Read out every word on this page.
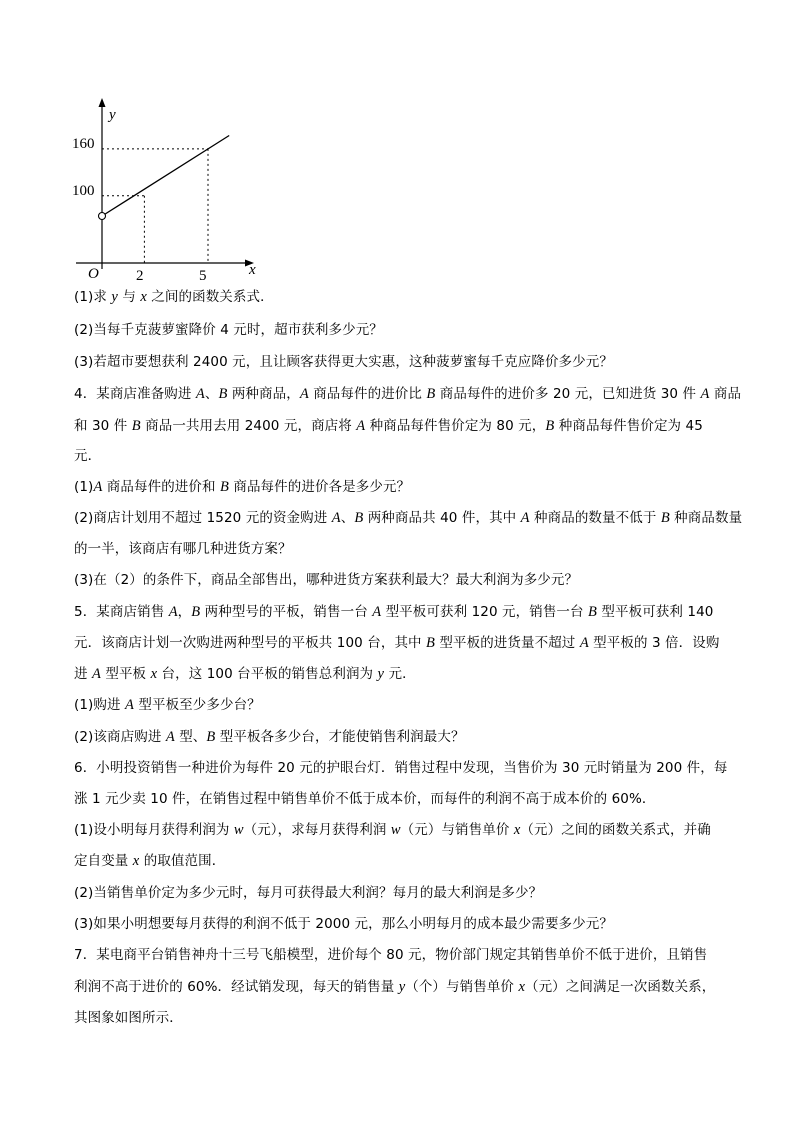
y
x
O
160
100
2	5
(1)求 y 与 x 之间的函数关系式．
(2)当每千克菠萝蜜降价 4 元时，超市获利多少元？
(3)若超市要想获利 2400 元，且让顾客获得更大实惠，这种菠萝蜜每千克应降价多少元？
4．某商店准备购进 A、B 两种商品，A 商品每件的进价比 B 商品每件的进价多 20 元，已知进货 30 件 A 商品
和 30 件 B 商品一共用去用 2400 元，商店将 A 种商品每件售价定为 80 元，B 种商品每件售价定为 45
元．
(1)A 商品每件的进价和 B 商品每件的进价各是多少元？
(2)商店计划用不超过 1520 元的资金购进 A、B 两种商品共 40 件，其中 A 种商品的数量不低于 B 种商品数量
的一半，该商店有哪几种进货方案？
(3)在（2）的条件下，商品全部售出，哪种进货方案获利最大？最大利润为多少元？
5．某商店销售 A，B 两种型号的平板，销售一台 A 型平板可获利 120 元，销售一台 B 型平板可获利 140
元．该商店计划一次购进两种型号的平板共 100 台，其中 B 型平板的进货量不超过 A 型平板的 3 倍．设购
进 A 型平板 x 台，这 100 台平板的销售总利润为 y 元．
(1)购进 A 型平板至少多少台？
(2)该商店购进 A 型、B 型平板各多少台，才能使销售利润最大？
6．小明投资销售一种进价为每件 20 元的护眼台灯．销售过程中发现，当售价为 30 元时销量为 200 件，每
涨 1 元少卖 10 件，在销售过程中销售单价不低于成本价，而每件的利润不高于成本价的 60%．
(1)设小明每月获得利润为 w（元），求每月获得利润 w（元）与销售单价 x（元）之间的函数关系式，并确
定自变量 x 的取值范围．
(2)当销售单价定为多少元时，每月可获得最大利润？每月的最大利润是多少？
(3)如果小明想要每月获得的利润不低于 2000 元，那么小明每月的成本最少需要多少元？
7．某电商平台销售神舟十三号飞船模型，进价每个 80 元，物价部门规定其销售单价不低于进价，且销售
利润不高于进价的 60%．经试销发现，每天的销售量 y（个）与销售单价 x（元）之间满足一次函数关系，
其图象如图所示．
